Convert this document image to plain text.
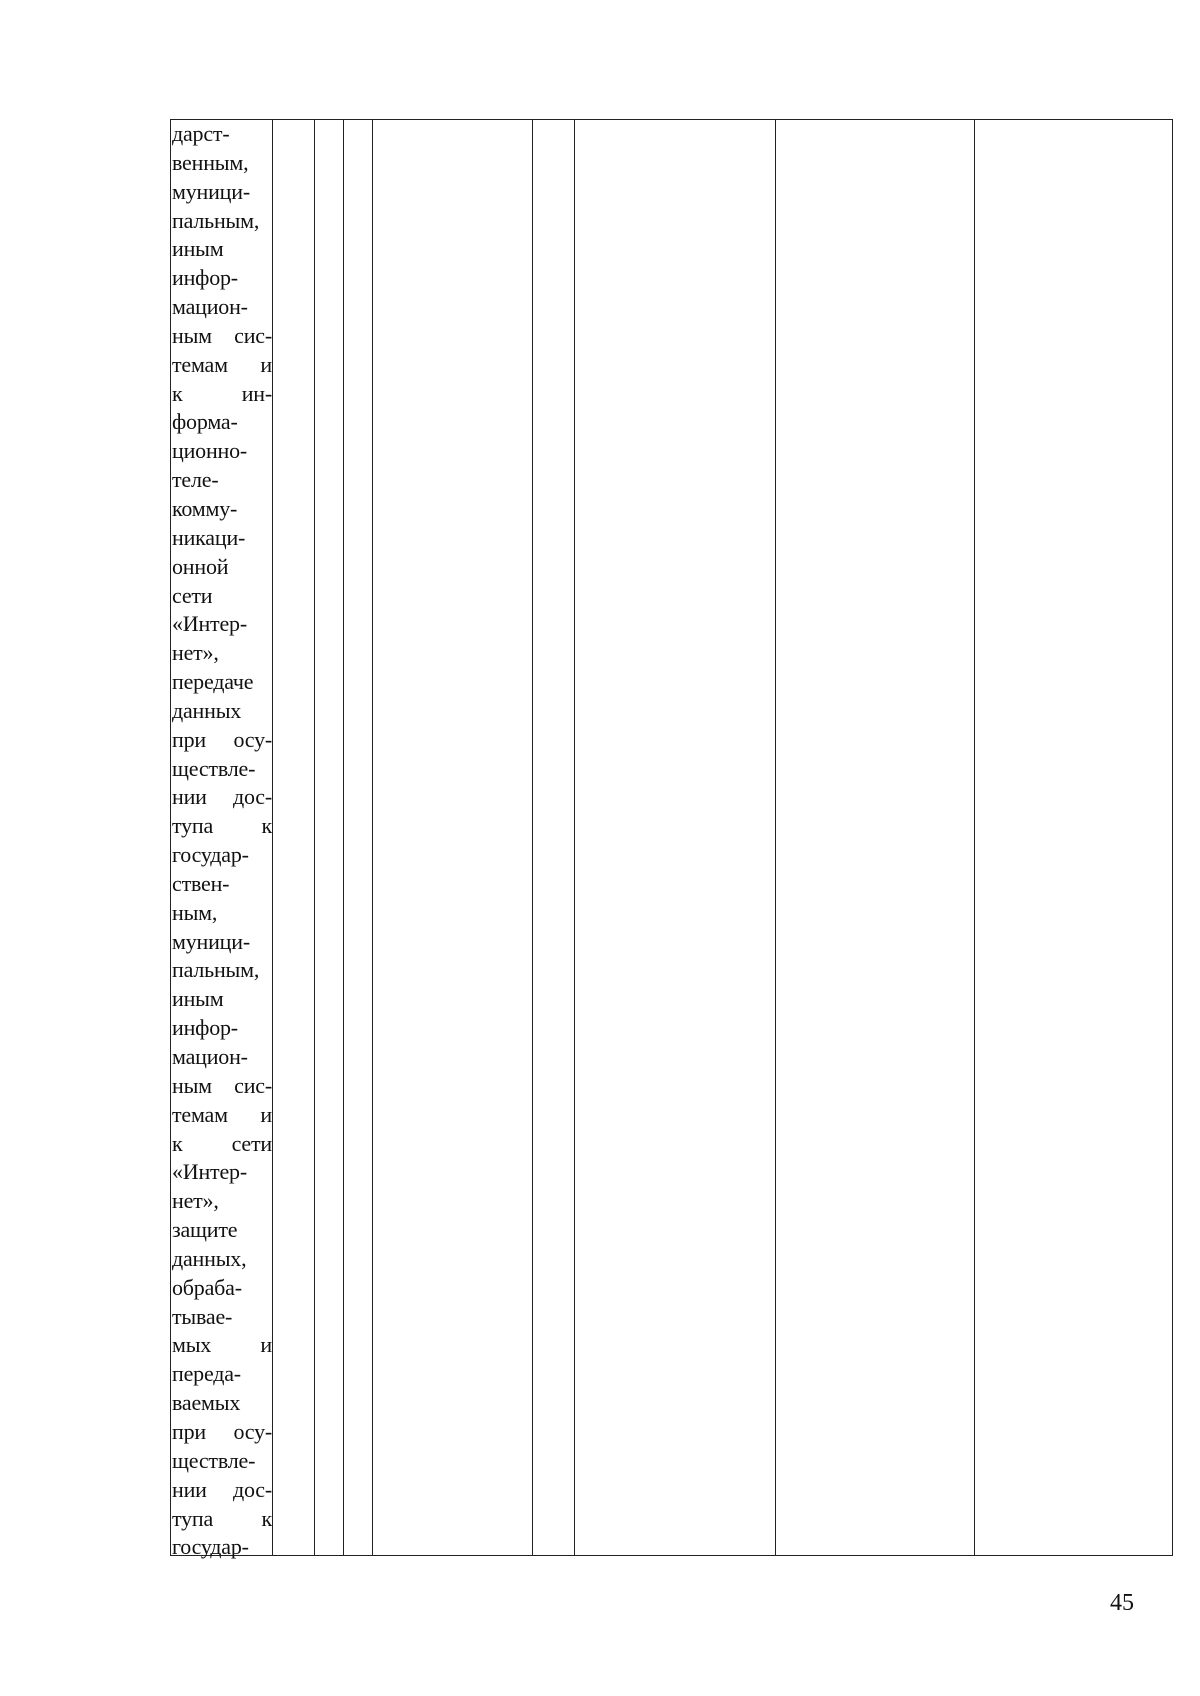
дарст-
венным,
муници-
пальным,
иным
инфор-
мацион-
ным сис-
темам и
к ин-
форма-
ционно-
теле-
комму-
никаци-
онной
сети
«Интер-
нет»,
передаче
данных
при осу-
ществле-
нии дос-
тупа к
государ-
ствен-
ным,
муници-
пальным,
иным
инфор-
мацион-
ным сис-
темам и
к сети
«Интер-
нет»,
защите
данных,
обраба-
тывае-
мых и
переда-
ваемых
при осу-
ществле-
нии дос-
тупа к
государ-
45
